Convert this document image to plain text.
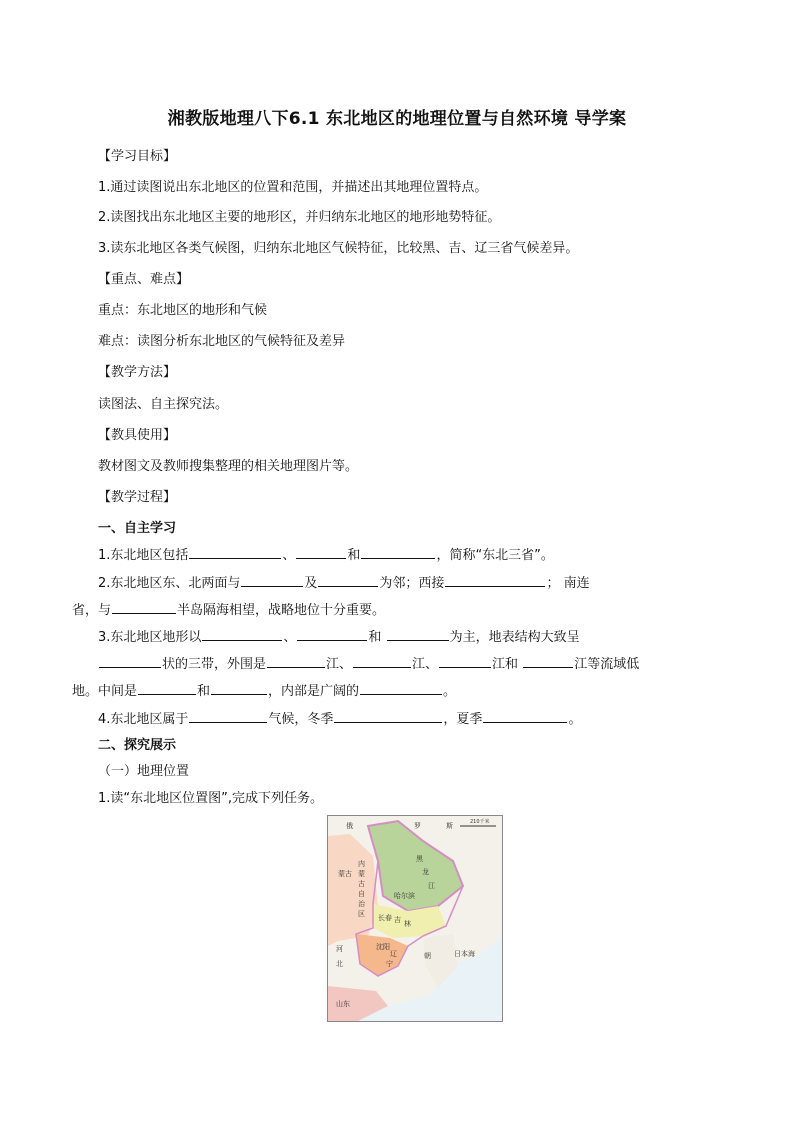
湘教版地理八下6.1 东北地区的地理位置与自然环境 导学案
【学习目标】
1.通过读图说出东北地区的位置和范围，并描述出其地理位置特点。
2.读图找出东北地区主要的地形区，并归纳东北地区的地形地势特征。
3.读东北地区各类气候图，归纳东北地区气候特征，比较黑、吉、辽三省气候差异。
【重点、难点】
重点：东北地区的地形和气候
难点：读图分析东北地区的气候特征及差异
【教学方法】
读图法、自主探究法。
【教具使用】
教材图文及教师搜集整理的相关地理图片等。
【教学过程】
一、自主学习
1.东北地区包括	、	和	，简称“东北三省”。
2.东北地区东、北两面与	及	为邻；西接	； 南连
省，与	半岛隔海相望，战略地位十分重要。
3.东北地区地形以	、	和	为主，地表结构大致呈
状的三带，外围是	江、	江、	江和	江等流域低
地。中间是	和	，内部是广阔的	。
4.东北地区属于	气候，冬季	，夏季	。
二、探究展示
（一）地理位置
1.读“东北地区位置图”,完成下列任务。
俄	罗	斯
蒙古
内
蒙
古
自
治
区
黑
龙
江
哈尔滨
长春 吉 林
沈阳
辽
宁
河
北
朝	日本海
山东
210千米
